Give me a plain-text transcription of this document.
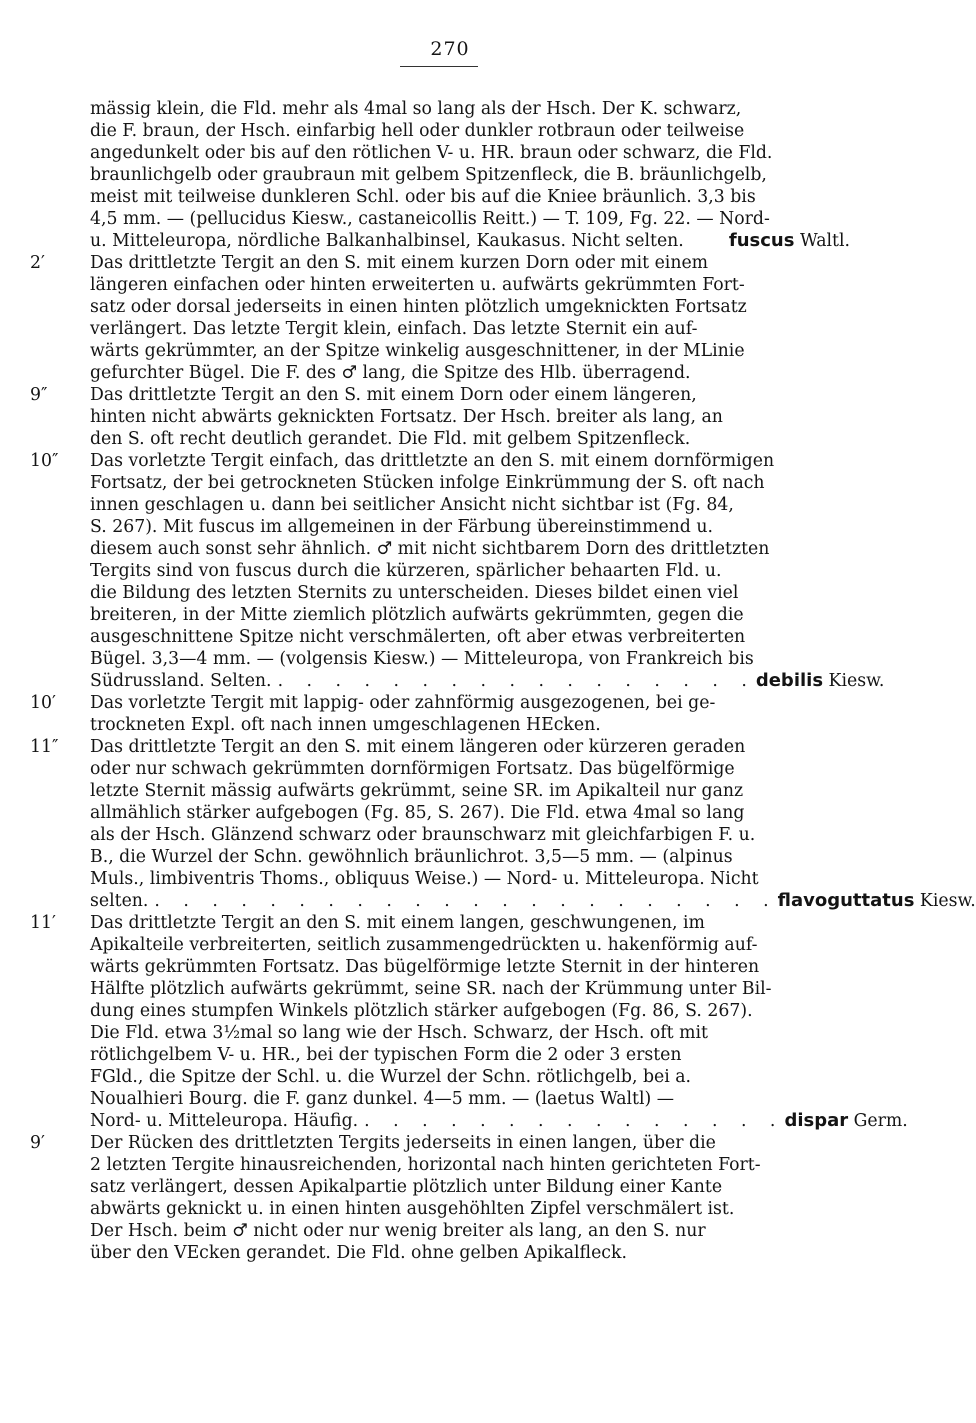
270
mässig klein, die Fld. mehr als 4mal so lang als der Hsch. Der K. schwarz,
die F. braun, der Hsch. einfarbig hell oder dunkler rotbraun oder teilweise
angedunkelt oder bis auf den rötlichen V- u. HR. braun oder schwarz, die Fld.
braunlichgelb oder graubraun mit gelbem Spitzenfleck, die B. bräunlichgelb,
meist mit teilweise dunkleren Schl. oder bis auf die Kniee bräunlich. 3,3 bis
4,5 mm. — (pellucidus Kiesw., castaneicollis Reitt.) — T. 109, Fg. 22. — Nord-
u. Mitteleuropa, nördliche Balkanhalbinsel, Kaukasus. Nicht selten.	fuscus Waltl.
2′	Das drittletzte Tergit an den S. mit einem kurzen Dorn oder mit einem
längeren einfachen oder hinten erweiterten u. aufwärts gekrümmten Fort-
satz oder dorsal jederseits in einen hinten plötzlich umgeknickten Fortsatz
verlängert. Das letzte Tergit klein, einfach. Das letzte Sternit ein auf-
wärts gekrümmter, an der Spitze winkelig ausgeschnittener, in der MLinie
gefurchter Bügel. Die F. des ♂ lang, die Spitze des Hlb. überragend.
9″	Das drittletzte Tergit an den S. mit einem Dorn oder einem längeren,
hinten nicht abwärts geknickten Fortsatz. Der Hsch. breiter als lang, an
den S. oft recht deutlich gerandet. Die Fld. mit gelbem Spitzenfleck.
10″	Das vorletzte Tergit einfach, das drittletzte an den S. mit einem dornförmigen
Fortsatz, der bei getrockneten Stücken infolge Einkrümmung der S. oft nach
innen geschlagen u. dann bei seitlicher Ansicht nicht sichtbar ist (Fg. 84,
S. 267). Mit fuscus im allgemeinen in der Färbung übereinstimmend u.
diesem auch sonst sehr ähnlich. ♂ mit nicht sichtbarem Dorn des drittletzten
Tergits sind von fuscus durch die kürzeren, spärlicher behaarten Fld. u.
die Bildung des letzten Sternits zu unterscheiden. Dieses bildet einen viel
breiteren, in der Mitte ziemlich plötzlich aufwärts gekrümmten, gegen die
ausgeschnittene Spitze nicht verschmälerten, oft aber etwas verbreiterten
Bügel. 3,3—4 mm. — (volgensis Kiesw.) — Mitteleuropa, von Frankreich bis
Südrussland. Selten. . . . . . . . . . . . . . . . . . debilis Kiesw.
10′	Das vorletzte Tergit mit lappig- oder zahnförmig ausgezogenen, bei ge-
trockneten Expl. oft nach innen umgeschlagenen HEcken.
11″	Das drittletzte Tergit an den S. mit einem längeren oder kürzeren geraden
oder nur schwach gekrümmten dornförmigen Fortsatz. Das bügelförmige
letzte Sternit mässig aufwärts gekrümmt, seine SR. im Apikalteil nur ganz
allmählich stärker aufgebogen (Fg. 85, S. 267). Die Fld. etwa 4mal so lang
als der Hsch. Glänzend schwarz oder braunschwarz mit gleichfarbigen F. u.
B., die Wurzel der Schn. gewöhnlich bräunlichrot. 3,5—5 mm. — (alpinus
Muls., limbiventris Thoms., obliquus Weise.) — Nord- u. Mitteleuropa. Nicht
selten. . . . . . . . . . . . . . . . . . . . . . . flavoguttatus Kiesw.
11′	Das drittletzte Tergit an den S. mit einem langen, geschwungenen, im
Apikalteile verbreiterten, seitlich zusammengedrückten u. hakenförmig auf-
wärts gekrümmten Fortsatz. Das bügelförmige letzte Sternit in der hinteren
Hälfte plötzlich aufwärts gekrümmt, seine SR. nach der Krümmung unter Bil-
dung eines stumpfen Winkels plötzlich stärker aufgebogen (Fg. 86, S. 267).
Die Fld. etwa 3½mal so lang wie der Hsch. Schwarz, der Hsch. oft mit
rötlichgelbem V- u. HR., bei der typischen Form die 2 oder 3 ersten
FGld., die Spitze der Schl. u. die Wurzel der Schn. rötlichgelb, bei a.
Noualhieri Bourg. die F. ganz dunkel. 4—5 mm. — (laetus Waltl) —
Nord- u. Mitteleuropa. Häufig. . . . . . . . . . . . . . . . dispar Germ.
9′	Der Rücken des drittletzten Tergits jederseits in einen langen, über die
2 letzten Tergite hinausreichenden, horizontal nach hinten gerichteten Fort-
satz verlängert, dessen Apikalpartie plötzlich unter Bildung einer Kante
abwärts geknickt u. in einen hinten ausgehöhlten Zipfel verschmälert ist.
Der Hsch. beim ♂ nicht oder nur wenig breiter als lang, an den S. nur
über den VEcken gerandet. Die Fld. ohne gelben Apikalfleck.
